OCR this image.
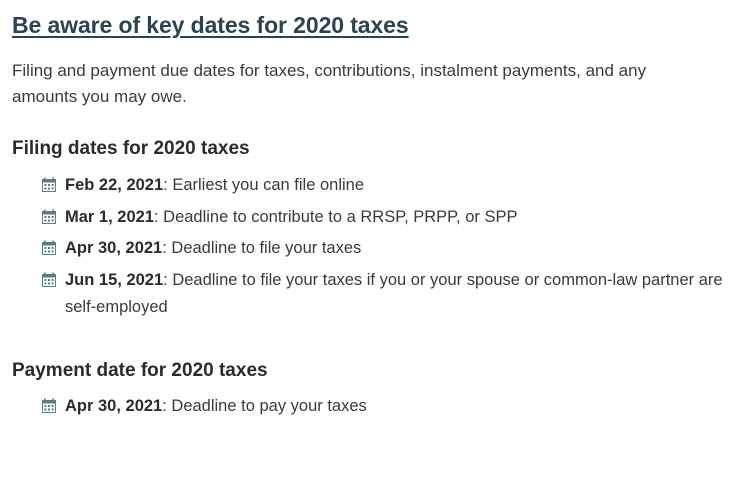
Be aware of key dates for 2020 taxes

Filing and payment due dates for taxes, contributions, instalment payments, and any amounts you may owe.

Filing dates for 2020 taxes
Feb 22, 2021: Earliest you can file online
Mar 1, 2021: Deadline to contribute to a RRSP, PRPP, or SPP
Apr 30, 2021: Deadline to file your taxes
Jun 15, 2021: Deadline to file your taxes if you or your spouse or common-law partner are self-employed
Payment date for 2020 taxes
Apr 30, 2021: Deadline to pay your taxes
